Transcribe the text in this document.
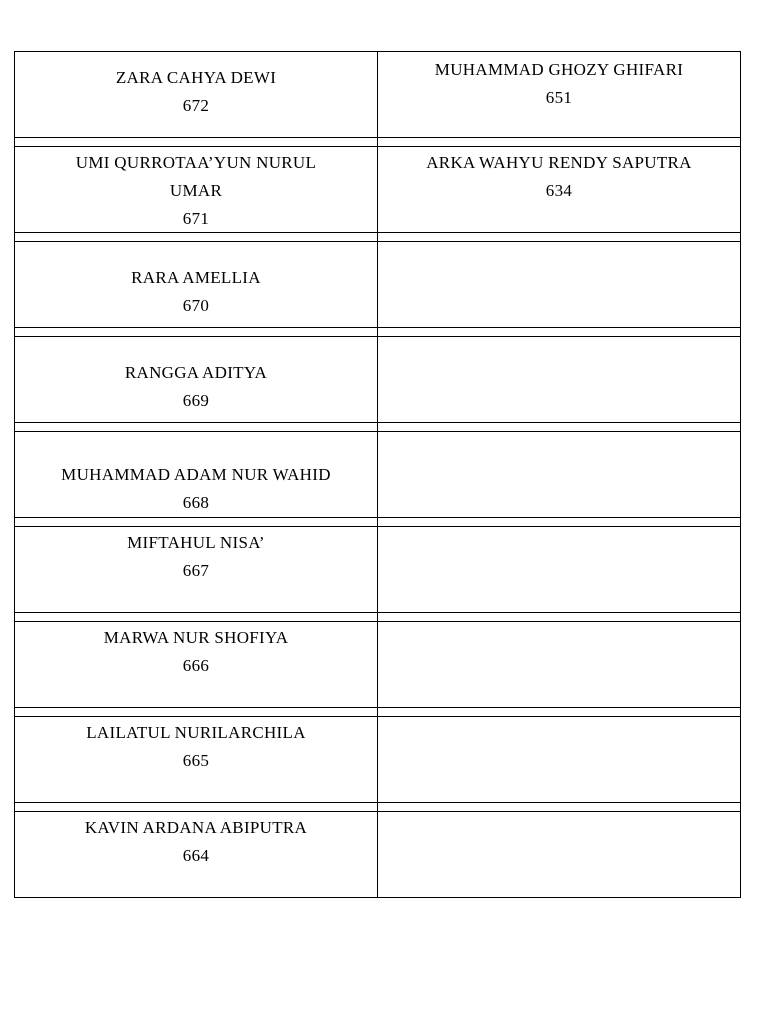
ZARA CAHYA DEWI
672
MUHAMMAD GHOZY GHIFARI
651
UMI QURROTAA’YUN NURUL
UMAR
671
ARKA WAHYU RENDY SAPUTRA
634
RARA AMELLIA
670
RANGGA ADITYA
669
MUHAMMAD ADAM NUR WAHID
668
MIFTAHUL NISA’
667
MARWA NUR SHOFIYA
666
LAILATUL NURILARCHILA
665
KAVIN ARDANA ABIPUTRA
664
